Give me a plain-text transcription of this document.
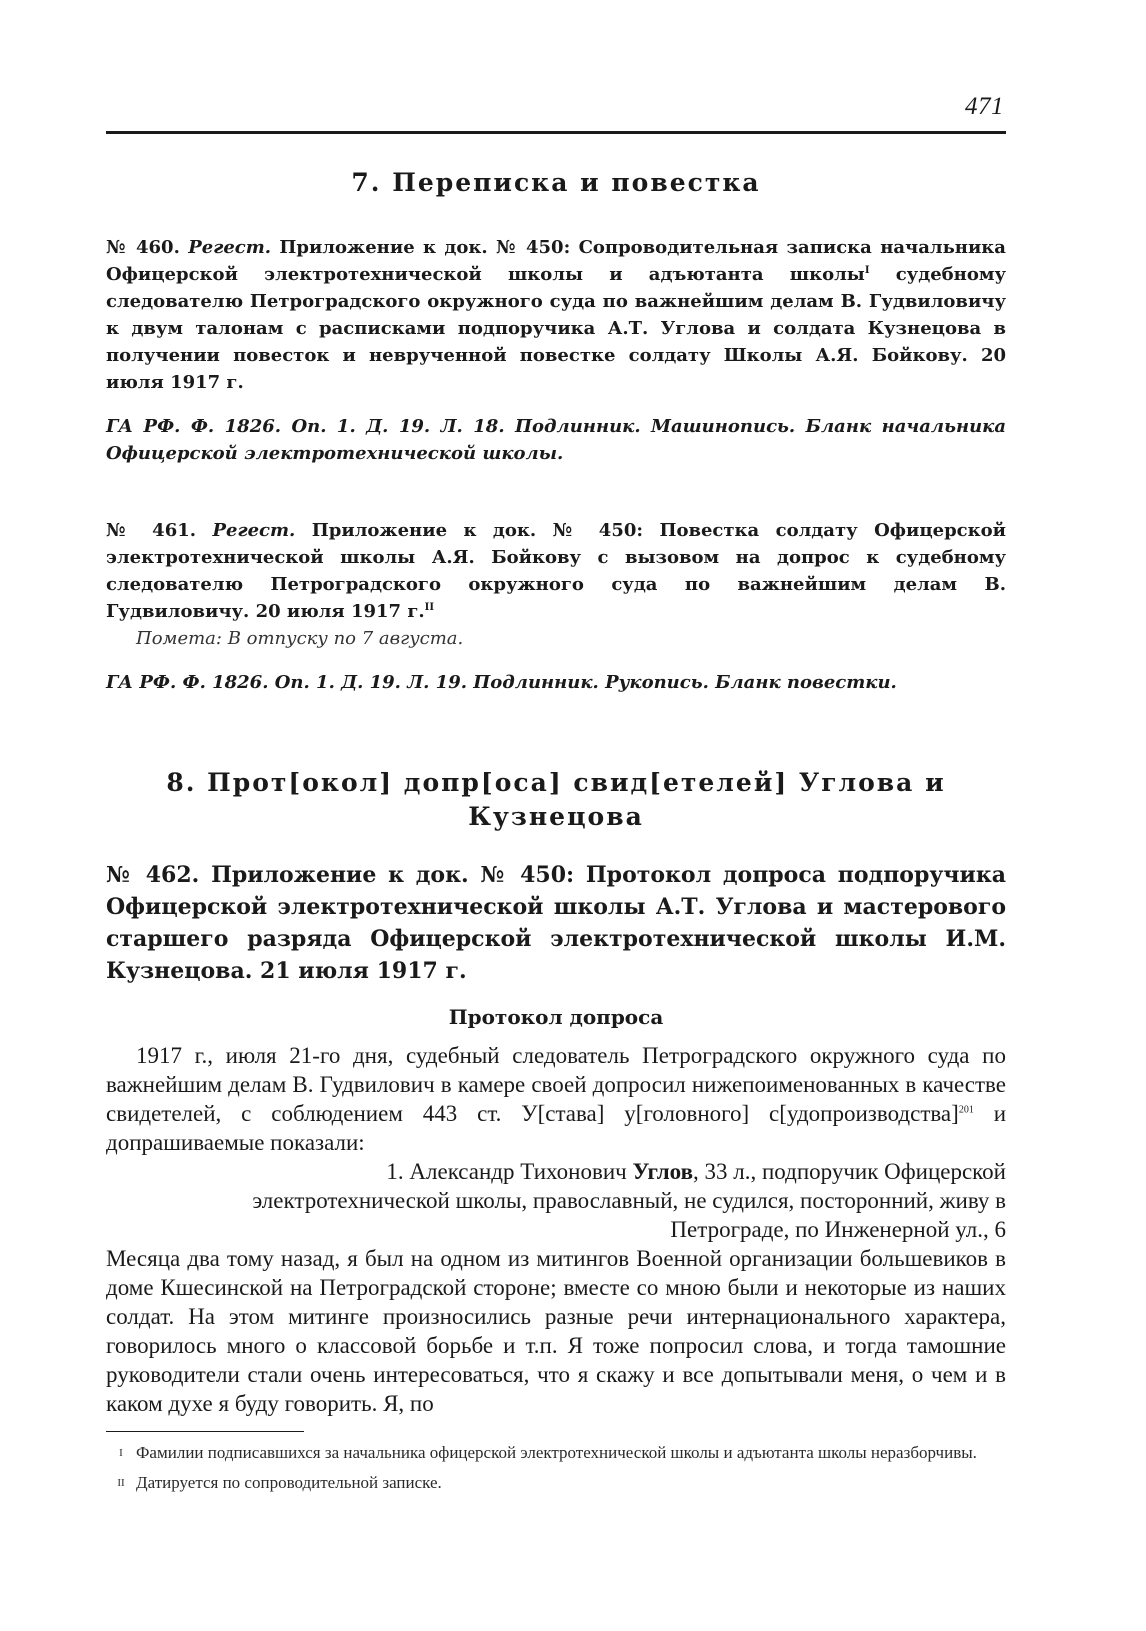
471
7. Переписка и повестка
№ 460. Регест. Приложение к док. № 450: Сопроводительная записка начальника Офицерской электротехнической школы и адъютанта школы$^I$ судебному следователю Петроградского окружного суда по важнейшим делам В. Гудвиловичу к двум талонам с расписками подпоручика А.Т. Углова и солдата Кузнецова в получении повесток и неврученной повестке солдату Школы А.Я. Бойкову. 20 июля 1917 г.
ГА РФ. Ф. 1826. Оп. 1. Д. 19. Л. 18. Подлинник. Машинопись. Бланк начальника Офицерской электротехнической школы.
№ 461. Регест. Приложение к док. № 450: Повестка солдату Офицерской электротехнической школы А.Я. Бойкову с вызовом на допрос к судебному следователю Петроградского окружного суда по важнейшим делам В. Гудвиловичу. 20 июля 1917 г.$^{II}$
Помета: В отпуску по 7 августа.
ГА РФ. Ф. 1826. Оп. 1. Д. 19. Л. 19. Подлинник. Рукопись. Бланк повестки.
8. Прот[окол] допр[оса] свид[етелей] Углова и Кузнецова
№ 462. Приложение к док. № 450: Протокол допроса подпоручика Офицерской электротехнической школы А.Т. Углова и мастерового старшего разряда Офицерской электротехнической школы И.М. Кузнецова. 21 июля 1917 г.
Протокол допроса
1917 г., июля 21-го дня, судебный следователь Петроградского окружного суда по важнейшим делам В. Гудвилович в камере своей допросил нижепоименованных в качестве свидетелей, с соблюдением 443 ст. У[става] у[головного] с[удопроизводства]$^{201}$ и допрашиваемые показали:
1. Александр Тихонович Углов, 33 л., подпоручик Офицерской электротехнической школы, православный, не судился, посторонний, живу в Петрограде, по Инженерной ул., 6
Месяца два тому назад, я был на одном из митингов Военной организации большевиков в доме Кшесинской на Петроградской стороне; вместе со мною были и некоторые из наших солдат. На этом митинге произносились разные речи интернационального характера, говорилось много о классовой борьбе и т.п. Я тоже попросил слова, и тогда тамошние руководители стали очень интересоваться, что я скажу и все допытывали меня, о чем и в каком духе я буду говорить. Я, по
I Фамилии подписавшихся за начальника офицерской электротехнической школы и адъютанта школы неразборчивы.
II Датируется по сопроводительной записке.
